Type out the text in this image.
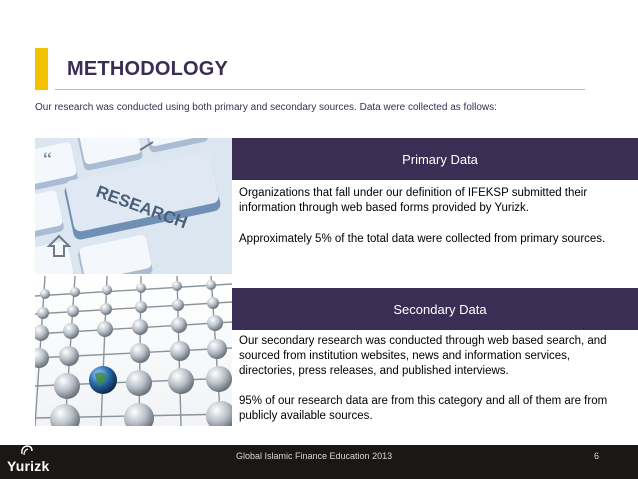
METHODOLOGY

Our research was conducted using both primary and secondary sources. Data were collected as follows:

“
RESEARCH
Primary Data

Organizations that fall under our definition of IFEKSP submitted their information through web based forms provided by Yurizk.

Approximately 5% of the total data were collected from primary sources.

Secondary Data

Our secondary research was conducted through web based search, and sourced from institution websites, news and information services, directories, press releases, and published interviews.

95% of our research data are from this category and all of them are from publicly available sources.

Yurizk

Global Islamic Finance Education 2013	6
